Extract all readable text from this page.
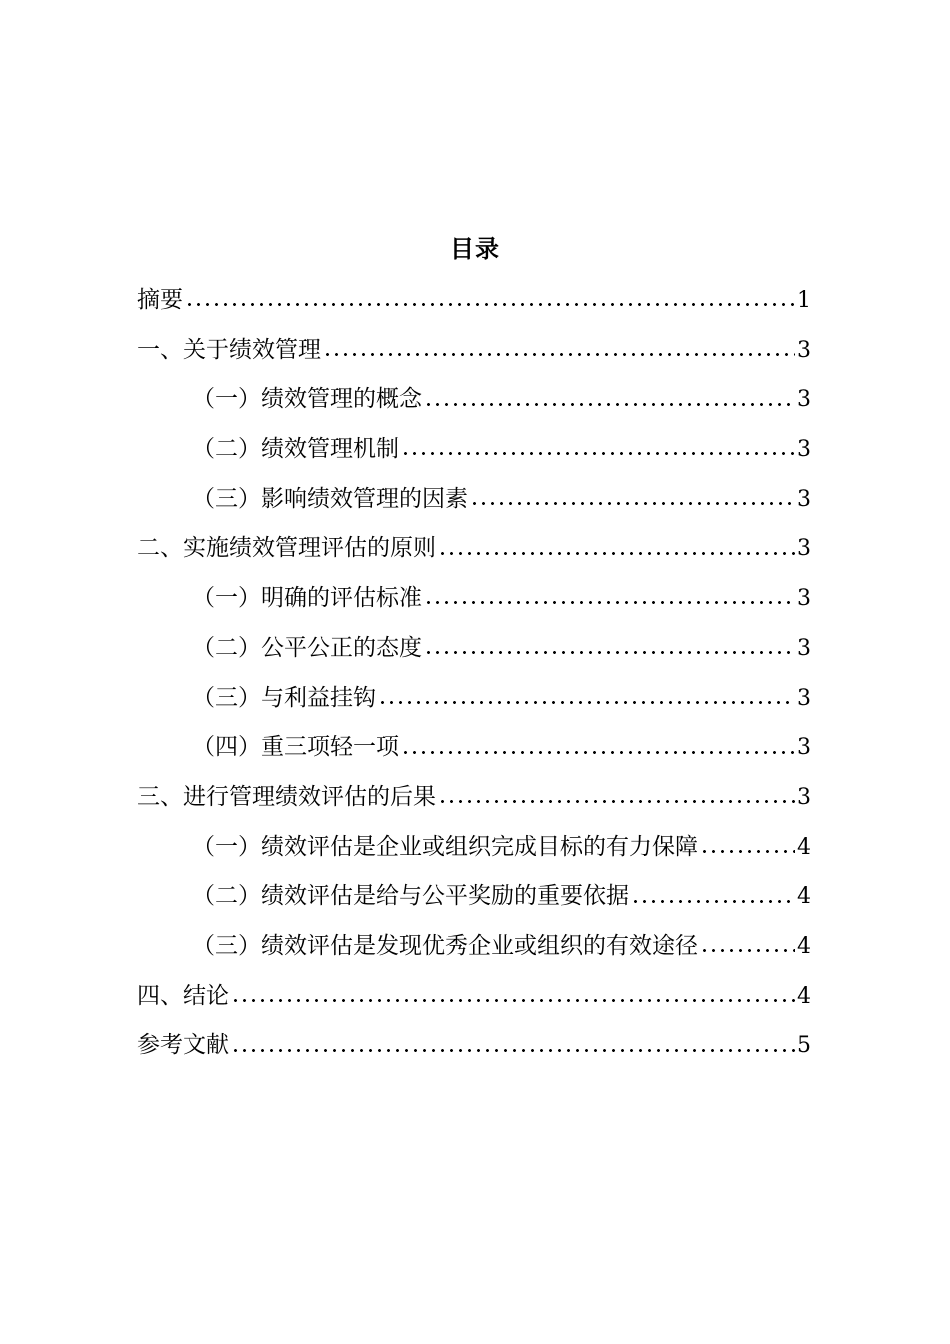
目录
摘要	1
一、关于绩效管理	3
（一）绩效管理的概念	3
（二）绩效管理机制	3
（三）影响绩效管理的因素	3
二、实施绩效管理评估的原则	3
（一）明确的评估标准	3
（二）公平公正的态度	3
（三）与利益挂钩	3
（四）重三项轻一项	3
三、进行管理绩效评估的后果	3
（一）绩效评估是企业或组织完成目标的有力保障	4
（二）绩效评估是给与公平奖励的重要依据	4
（三）绩效评估是发现优秀企业或组织的有效途径	4
四、结论	4
参考文献	5
